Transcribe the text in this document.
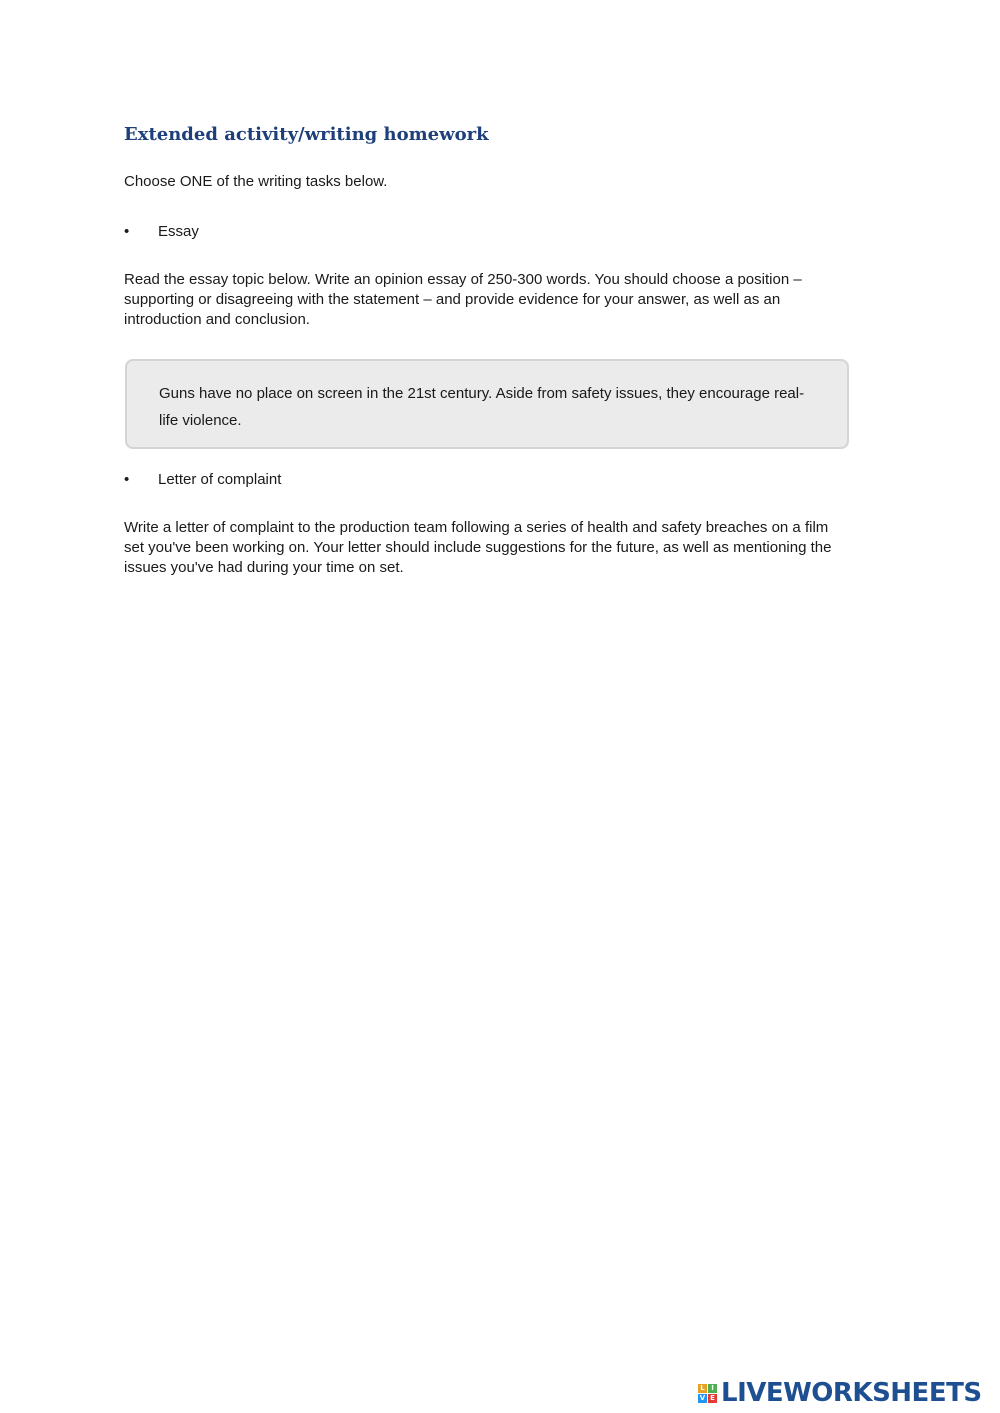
Extended activity/writing homework
Choose ONE of the writing tasks below.
•	Essay
Read the essay topic below. Write an opinion essay of 250-300 words. You should choose a position – supporting or disagreeing with the statement – and provide evidence for your answer, as well as an introduction and conclusion.
Guns have no place on screen in the 21st century. Aside from safety issues, they encourage real-life violence.
•	Letter of complaint
Write a letter of complaint to the production team following a series of health and safety breaches on a film set you've been working on. Your letter should include suggestions for the future, as well as mentioning the issues you've had during your time on set.
L I
V E LIVEWORKSHEETS
